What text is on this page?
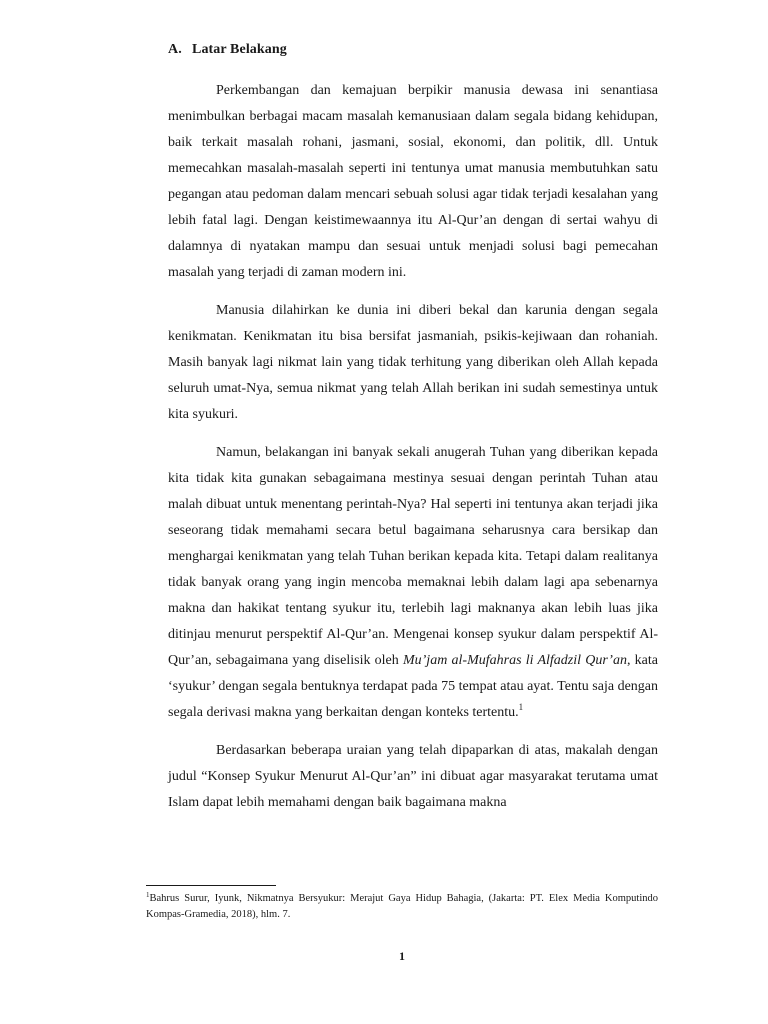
A. Latar Belakang

Perkembangan dan kemajuan berpikir manusia dewasa ini senantiasa menimbulkan berbagai macam masalah kemanusiaan dalam segala bidang kehidupan, baik terkait masalah rohani, jasmani, sosial, ekonomi, dan politik, dll. Untuk memecahkan masalah-masalah seperti ini tentunya umat manusia membutuhkan satu pegangan atau pedoman dalam mencari sebuah solusi agar tidak terjadi kesalahan yang lebih fatal lagi. Dengan keistimewaannya itu Al-Qur’an dengan di sertai wahyu di dalamnya di nyatakan mampu dan sesuai untuk menjadi solusi bagi pemecahan masalah yang terjadi di zaman modern ini.

Manusia dilahirkan ke dunia ini diberi bekal dan karunia dengan segala kenikmatan. Kenikmatan itu bisa bersifat jasmaniah, psikis-kejiwaan dan rohaniah. Masih banyak lagi nikmat lain yang tidak terhitung yang diberikan oleh Allah kepada seluruh umat-Nya, semua nikmat yang telah Allah berikan ini sudah semestinya untuk kita syukuri.

Namun, belakangan ini banyak sekali anugerah Tuhan yang diberikan kepada kita tidak kita gunakan sebagaimana mestinya sesuai dengan perintah Tuhan atau malah dibuat untuk menentang perintah-Nya? Hal seperti ini tentunya akan terjadi jika seseorang tidak memahami secara betul bagaimana seharusnya cara bersikap dan menghargai kenikmatan yang telah Tuhan berikan kepada kita. Tetapi dalam realitanya tidak banyak orang yang ingin mencoba memaknai lebih dalam lagi apa sebenarnya makna dan hakikat tentang syukur itu, terlebih lagi maknanya akan lebih luas jika ditinjau menurut perspektif Al-Qur’an. Mengenai konsep syukur dalam perspektif Al-Qur’an, sebagaimana yang diselisik oleh Mu’jam al-Mufahras li Alfadzil Qur’an, kata ‘syukur’ dengan segala bentuknya terdapat pada 75 tempat atau ayat. Tentu saja dengan segala derivasi makna yang berkaitan dengan konteks tertentu.$^1$

Berdasarkan beberapa uraian yang telah dipaparkan di atas, makalah dengan judul “Konsep Syukur Menurut Al-Qur’an” ini dibuat agar masyarakat terutama umat Islam dapat lebih memahami dengan baik bagaimana makna

$^1$Bahrus Surur, Iyunk, Nikmatnya Bersyukur: Merajut Gaya Hidup Bahagia, (Jakarta: PT. Elex Media Komputindo Kompas-Gramedia, 2018), hlm. 7.
1
